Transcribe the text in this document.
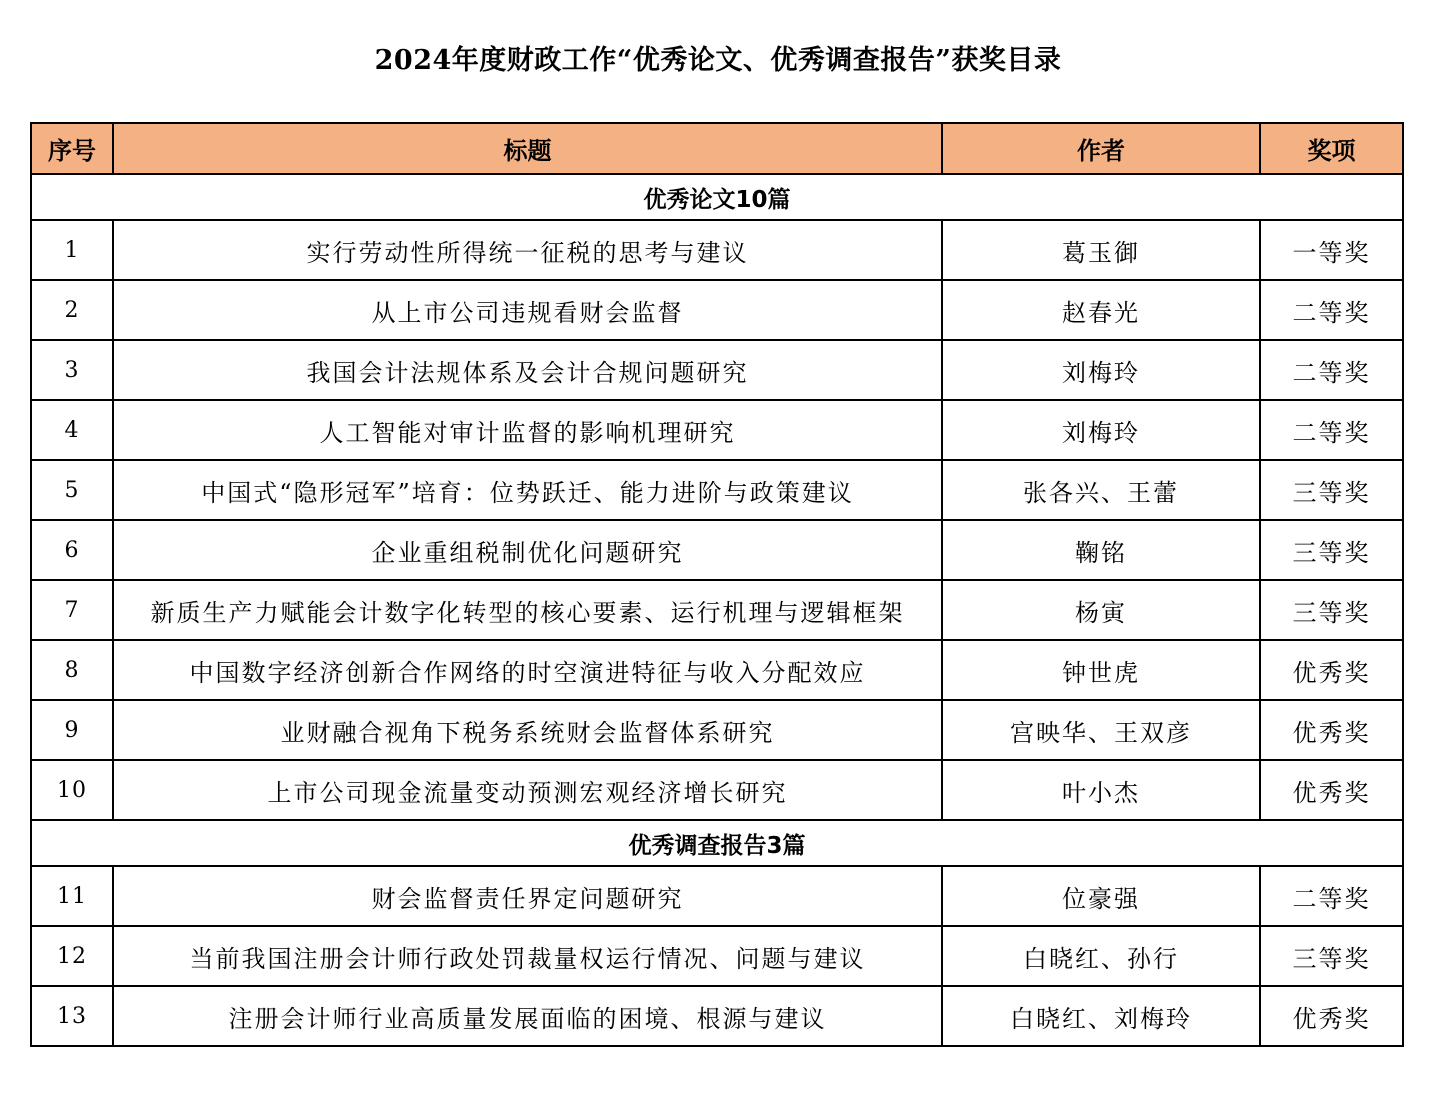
2024年度财政工作“优秀论文、优秀调查报告”获奖目录
序号	标题	作者	奖项
优秀论文10篇			
1	实行劳动性所得统一征税的思考与建议	葛玉御	一等奖
2	从上市公司违规看财会监督	赵春光	二等奖
3	我国会计法规体系及会计合规问题研究	刘梅玲	二等奖
4	人工智能对审计监督的影响机理研究	刘梅玲	二等奖
5	中国式“隐形冠军”培育：位势跃迁、能力进阶与政策建议	张各兴、王蕾	三等奖
6	企业重组税制优化问题研究	鞠铭	三等奖
7	新质生产力赋能会计数字化转型的核心要素、运行机理与逻辑框架	杨寅	三等奖
8	中国数字经济创新合作网络的时空演进特征与收入分配效应	钟世虎	优秀奖
9	业财融合视角下税务系统财会监督体系研究	宫映华、王双彦	优秀奖
10	上市公司现金流量变动预测宏观经济增长研究	叶小杰	优秀奖
优秀调查报告3篇			
11	财会监督责任界定问题研究	位豪强	二等奖
12	当前我国注册会计师行政处罚裁量权运行情况、问题与建议	白晓红、孙行	三等奖
13	注册会计师行业高质量发展面临的困境、根源与建议	白晓红、刘梅玲	优秀奖
